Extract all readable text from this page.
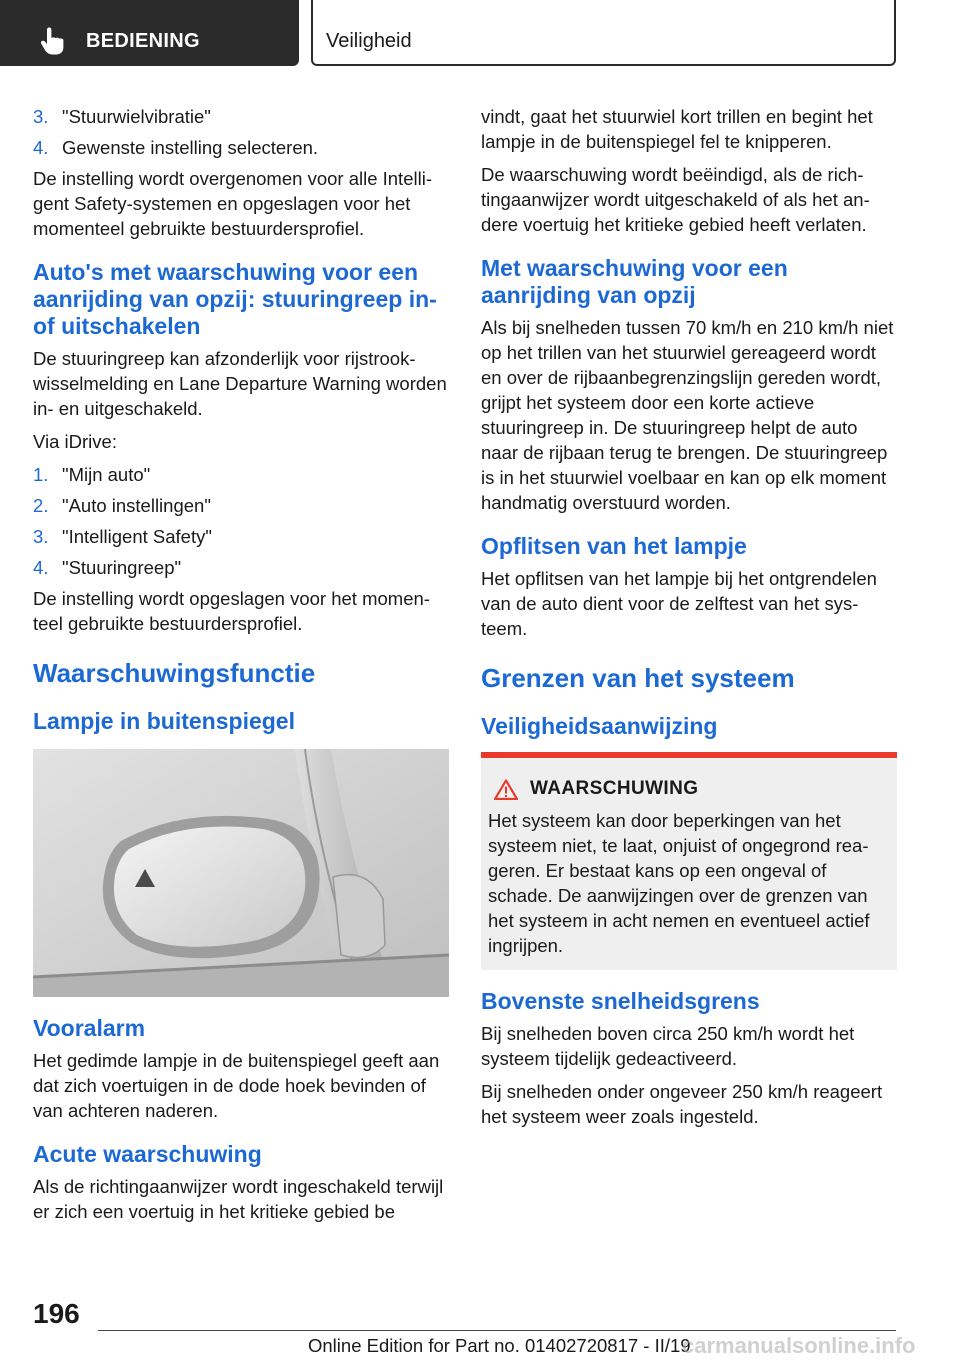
BEDIENING	Veiligheid
3. "Stuurwielvibratie"
4. Gewenste instelling selecteren.

De instelling wordt overgenomen voor alle Intelligent Safety-systemen en opgeslagen voor het momenteel gebruikte bestuurdersprofiel.

Auto's met waarschuwing voor een aanrijding van opzij: stuuringreep in- of uitschakelen

De stuuringreep kan afzonderlijk voor rijstrookwisselmelding en Lane Departure Warning worden in- en uitgeschakeld.

Via iDrive:

1. "Mijn auto"
2. "Auto instellingen"
3. "Intelligent Safety"
4. "Stuuringreep"

De instelling wordt opgeslagen voor het momenteel gebruikte bestuurdersprofiel.

Waarschuwingsfunctie
Lampje in buitenspiegel
Vooralarm

Het gedimde lampje in de buitenspiegel geeft aan dat zich voertuigen in de dode hoek bevinden of van achteren naderen.

Acute waarschuwing

Als de richtingaanwijzer wordt ingeschakeld terwijl er zich een voertuig in het kritieke gebied be

vindt, gaat het stuurwiel kort trillen en begint het lampje in de buitenspiegel fel te knipperen.

De waarschuwing wordt beëindigd, als de richtingaanwijzer wordt uitgeschakeld of als het andere voertuig het kritieke gebied heeft verlaten.

Met waarschuwing voor een aanrijding van opzij

Als bij snelheden tussen 70 km/h en 210 km/h niet op het trillen van het stuurwiel gereageerd wordt en over de rijbaanbegrenzingslijn gereden wordt, grijpt het systeem door een korte actieve stuuringreep in. De stuuringreep helpt de auto naar de rijbaan terug te brengen. De stuuringreep is in het stuurwiel voelbaar en kan op elk moment handmatig overstuurd worden.

Opflitsen van het lampje

Het opflitsen van het lampje bij het ontgrendelen van de auto dient voor de zelftest van het systeem.

Grenzen van het systeem
Veiligheidsaanwijzing
WAARSCHUWING

Het systeem kan door beperkingen van het systeem niet, te laat, onjuist of ongegrond reageren. Er bestaat kans op een ongeval of schade. De aanwijzingen over de grenzen van het systeem in acht nemen en eventueel actief ingrijpen.

Bovenste snelheidsgrens

Bij snelheden boven circa 250 km/h wordt het systeem tijdelijk gedeactiveerd.

Bij snelheden onder ongeveer 250 km/h reageert het systeem weer zoals ingesteld.

196
Online Edition for Part no. 01402720817 - II/19
carmanualsonline.info
